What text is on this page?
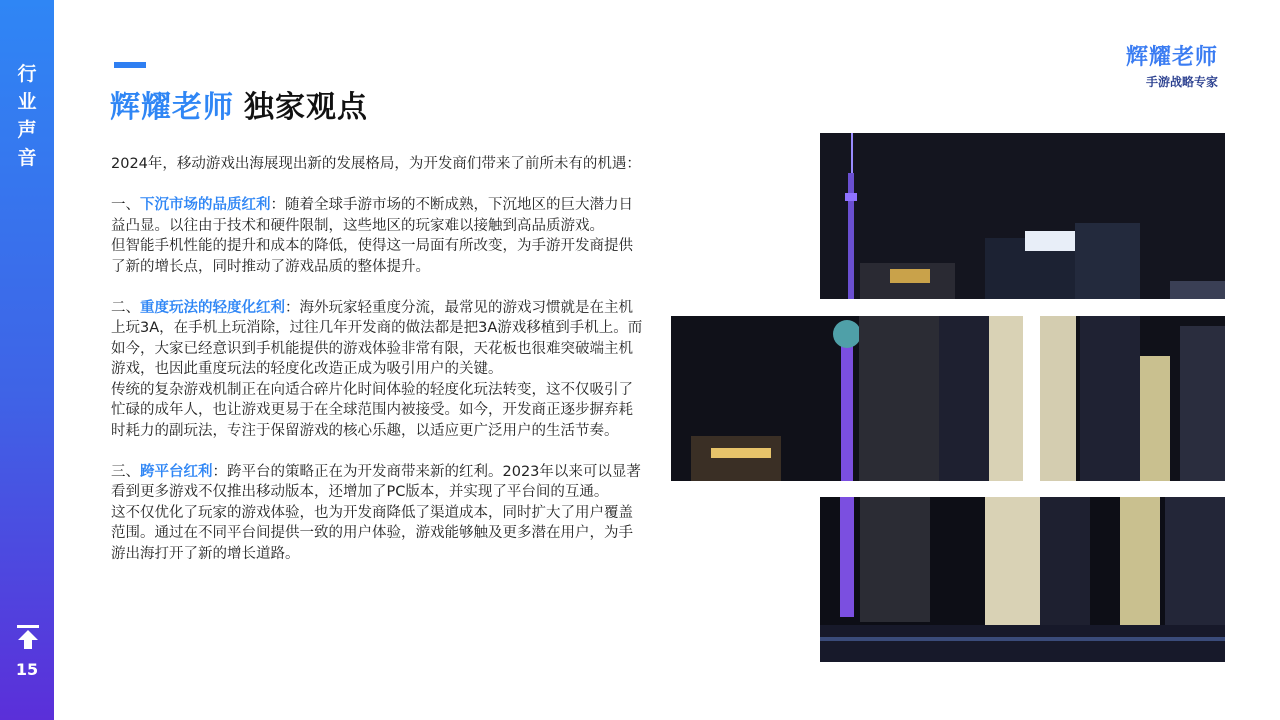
行
业
声
音
15
辉耀老师 独家观点
辉耀老师
手游战略专家

2024年，移动游戏出海展现出新的发展格局，为开发商们带来了前所未有的机遇：

一、下沉市场的品质红利：随着全球手游市场的不断成熟，下沉地区的巨大潜力日益凸显。以往由于技术和硬件限制，这些地区的玩家难以接触到高品质游戏。

但智能手机性能的提升和成本的降低，使得这一局面有所改变，为手游开发商提供了新的增长点，同时推动了游戏品质的整体提升。

二、重度玩法的轻度化红利：海外玩家轻重度分流，最常见的游戏习惯就是在主机上玩3A，在手机上玩消除，过往几年开发商的做法都是把3A游戏移植到手机上。而如今，大家已经意识到手机能提供的游戏体验非常有限，天花板也很难突破端主机游戏，也因此重度玩法的轻度化改造正成为吸引用户的关键。

传统的复杂游戏机制正在向适合碎片化时间体验的轻度化玩法转变，这不仅吸引了忙碌的成年人，也让游戏更易于在全球范围内被接受。如今，开发商正逐步摒弃耗时耗力的副玩法，专注于保留游戏的核心乐趣，以适应更广泛用户的生活节奏。

三、跨平台红利：跨平台的策略正在为开发商带来新的红利。2023年以来可以显著看到更多游戏不仅推出移动版本，还增加了PC版本，并实现了平台间的互通。

这不仅优化了玩家的游戏体验，也为开发商降低了渠道成本，同时扩大了用户覆盖范围。通过在不同平台间提供一致的用户体验，游戏能够触及更多潜在用户，为手游出海打开了新的增长道路。
